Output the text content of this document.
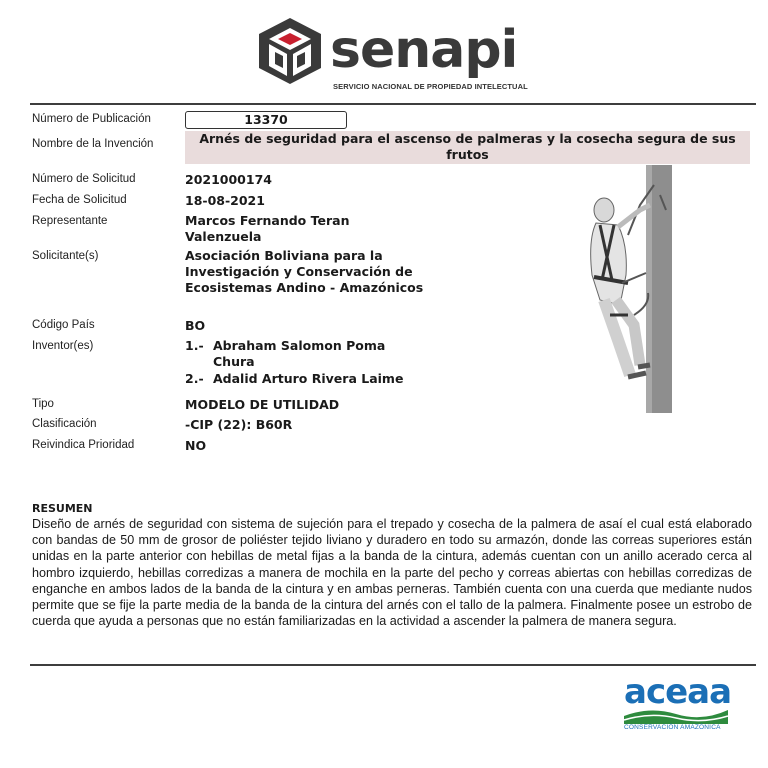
senapi
SERVICIO NACIONAL DE PROPIEDAD INTELECTUAL
Número de Publicación	13370
Nombre de la Invención	Arnés de seguridad para el ascenso de palmeras y la cosecha segura de sus frutos
Número de Solicitud	2021000174
Fecha de Solicitud	18-08-2021
Representante	Marcos Fernando Teran Valenzuela
Solicitante(s)	Asociación Boliviana para la Investigación y Conservación de Ecosistemas Andino - Amazónicos
Código País	BO
Inventor(es)	1.- Abraham Salomon Poma Chura
2.- Adalid Arturo Rivera Laime
Tipo	MODELO DE UTILIDAD
Clasificación	-CIP (22): B60R
Reivindica Prioridad	NO
RESUMEN
Diseño de arnés de seguridad con sistema de sujeción para el trepado y cosecha de la palmera de asaí el cual está elaborado con bandas de 50 mm de grosor de poliéster tejido liviano y duradero en todo su armazón, donde las correas superiores están unidas en la parte anterior con hebillas de metal fijas a la banda de la cintura, además cuentan con un anillo acerado cerca al hombro izquierdo, hebillas corredizas a manera de mochila en la parte del pecho y correas abiertas con hebillas corredizas de enganche en ambos lados de la banda de la cintura y en ambas perneras. También cuenta con una cuerda que mediante nudos permite que se fije la parte media de la banda de la cintura del arnés con el tallo de la palmera. Finalmente posee un estrobo de cuerda que ayuda a personas que no están familiarizadas en la actividad a ascender la palmera de manera segura.
aceaa
CONSERVACIÓN AMAZÓNICA
